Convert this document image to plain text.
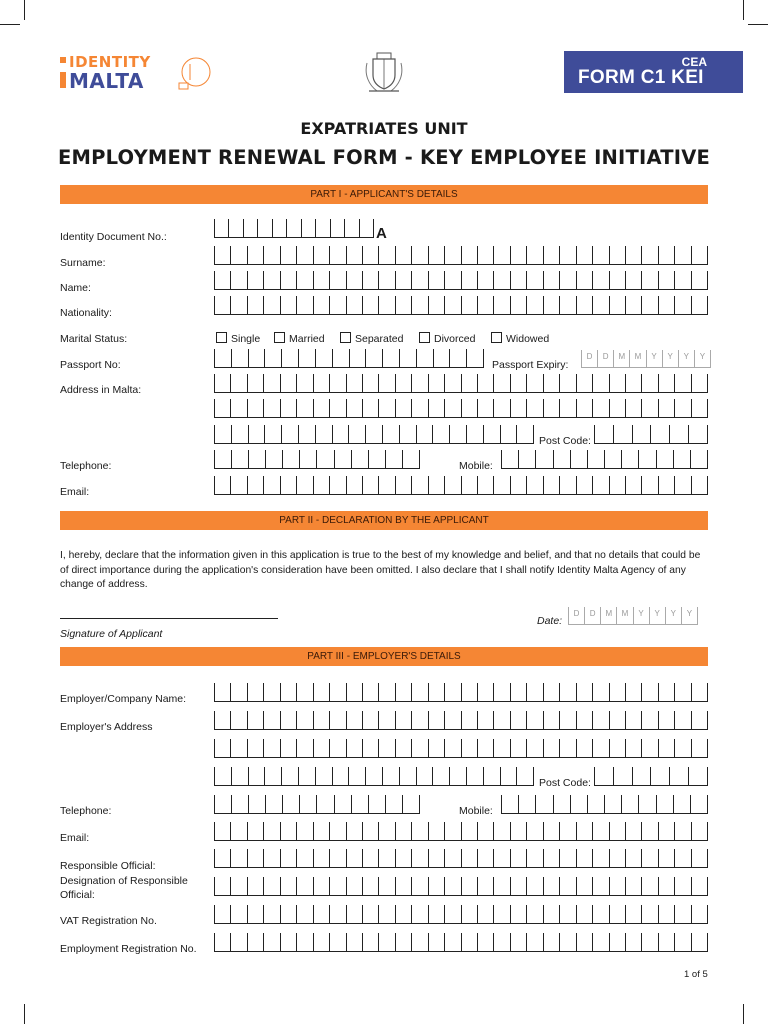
IDENTITY
MALTA
CEA
FORM C1 KEI
EXPATRIATES UNIT
EMPLOYMENT RENEWAL FORM - KEY EMPLOYEE INITIATIVE
PART I - APPLICANT'S DETAILS
Identity Document No.:	A
Surname:
Name:
Nationality:
Marital Status:	Single	Married	Separated	Divorced	Widowed
Passport No:	Passport Expiry:
D	D	M	M	Y	Y	Y	Y
Address in Malta:
Post Code:
Telephone:	Mobile:
Email:
PART II - DECLARATION BY THE APPLICANT
I, hereby, declare that the information given in this application is true to the best of my knowledge and belief, and that no details that could be of direct importance during the application's consideration have been omitted. I also declare that I shall notify Identity Malta Agency of any change of address.
Signature of Applicant
Date:
D	D	M	M	Y	Y	Y	Y
PART III - EMPLOYER'S DETAILS
Employer/Company Name:
Employer's Address
Post Code:
Telephone:	Mobile:
Email:
Responsible Official:
Designation of Responsible Official:
VAT Registration No.
Employment Registration No.
1 of 5
